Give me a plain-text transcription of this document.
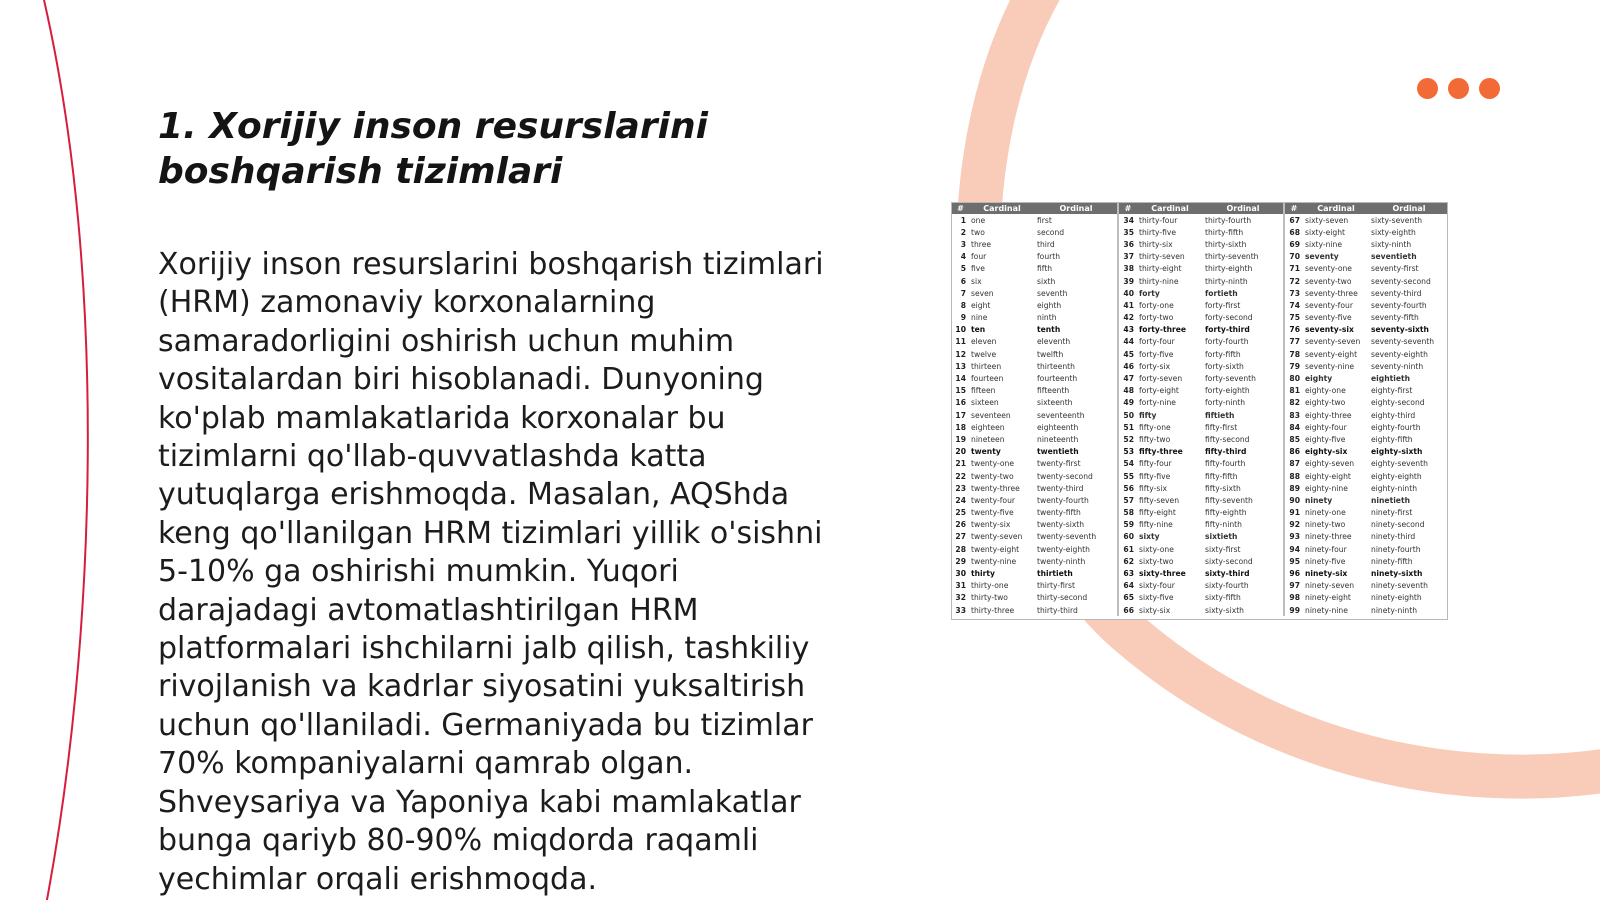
1. Xorijiy inson resurslarini boshqarish tizimlari

Xorijiy inson resurslarini boshqarish tizimlari (HRM) zamonaviy korxonalarning samaradorligini oshirish uchun muhim vositalardan biri hisoblanadi. Dunyoning ko'plab mamlakatlarida korxonalar bu tizimlarni qo'llab-quvvatlashda katta yutuqlarga erishmoqda. Masalan, AQShda keng qo'llanilgan HRM tizimlari yillik o'sishni 5-10% ga oshirishi mumkin. Yuqori darajadagi avtomatlashtirilgan HRM platformalari ishchilarni jalb qilish, tashkiliy rivojlanish va kadrlar siyosatini yuksaltirish uchun qo'llaniladi. Germaniyada bu tizimlar 70% kompaniyalarni qamrab olgan. Shveysariya va Yaponiya kabi mamlakatlar bunga qariyb 80-90% miqdorda raqamli yechimlar orqali erishmoqda.

#	Cardinal	Ordinal	#	Cardinal	Ordinal	#	Cardinal	Ordinal
1	one	first	34	thirty-four	thirty-fourth	67	sixty-seven	sixty-seventh
2	two	second	35	thirty-five	thirty-fifth	68	sixty-eight	sixty-eighth
3	three	third	36	thirty-six	thirty-sixth	69	sixty-nine	sixty-ninth
4	four	fourth	37	thirty-seven	thirty-seventh	70	seventy	seventieth
5	five	fifth	38	thirty-eight	thirty-eighth	71	seventy-one	seventy-first
6	six	sixth	39	thirty-nine	thirty-ninth	72	seventy-two	seventy-second
7	seven	seventh	40	forty	fortieth	73	seventy-three	seventy-third
8	eight	eighth	41	forty-one	forty-first	74	seventy-four	seventy-fourth
9	nine	ninth	42	forty-two	forty-second	75	seventy-five	seventy-fifth
10	ten	tenth	43	forty-three	forty-third	76	seventy-six	seventy-sixth
11	eleven	eleventh	44	forty-four	forty-fourth	77	seventy-seven	seventy-seventh
12	twelve	twelfth	45	forty-five	forty-fifth	78	seventy-eight	seventy-eighth
13	thirteen	thirteenth	46	forty-six	forty-sixth	79	seventy-nine	seventy-ninth
14	fourteen	fourteenth	47	forty-seven	forty-seventh	80	eighty	eightieth
15	fifteen	fifteenth	48	forty-eight	forty-eighth	81	eighty-one	eighty-first
16	sixteen	sixteenth	49	forty-nine	forty-ninth	82	eighty-two	eighty-second
17	seventeen	seventeenth	50	fifty	fiftieth	83	eighty-three	eighty-third
18	eighteen	eighteenth	51	fifty-one	fifty-first	84	eighty-four	eighty-fourth
19	nineteen	nineteenth	52	fifty-two	fifty-second	85	eighty-five	eighty-fifth
20	twenty	twentieth	53	fifty-three	fifty-third	86	eighty-six	eighty-sixth
21	twenty-one	twenty-first	54	fifty-four	fifty-fourth	87	eighty-seven	eighty-seventh
22	twenty-two	twenty-second	55	fifty-five	fifty-fifth	88	eighty-eight	eighty-eighth
23	twenty-three	twenty-third	56	fifty-six	fifty-sixth	89	eighty-nine	eighty-ninth
24	twenty-four	twenty-fourth	57	fifty-seven	fifty-seventh	90	ninety	ninetieth
25	twenty-five	twenty-fifth	58	fifty-eight	fifty-eighth	91	ninety-one	ninety-first
26	twenty-six	twenty-sixth	59	fifty-nine	fifty-ninth	92	ninety-two	ninety-second
27	twenty-seven	twenty-seventh	60	sixty	sixtieth	93	ninety-three	ninety-third
28	twenty-eight	twenty-eighth	61	sixty-one	sixty-first	94	ninety-four	ninety-fourth
29	twenty-nine	twenty-ninth	62	sixty-two	sixty-second	95	ninety-five	ninety-fifth
30	thirty	thirtieth	63	sixty-three	sixty-third	96	ninety-six	ninety-sixth
31	thirty-one	thirty-first	64	sixty-four	sixty-fourth	97	ninety-seven	ninety-seventh
32	thirty-two	thirty-second	65	sixty-five	sixty-fifth	98	ninety-eight	ninety-eighth
33	thirty-three	thirty-third	66	sixty-six	sixty-sixth	99	ninety-nine	ninety-ninth
